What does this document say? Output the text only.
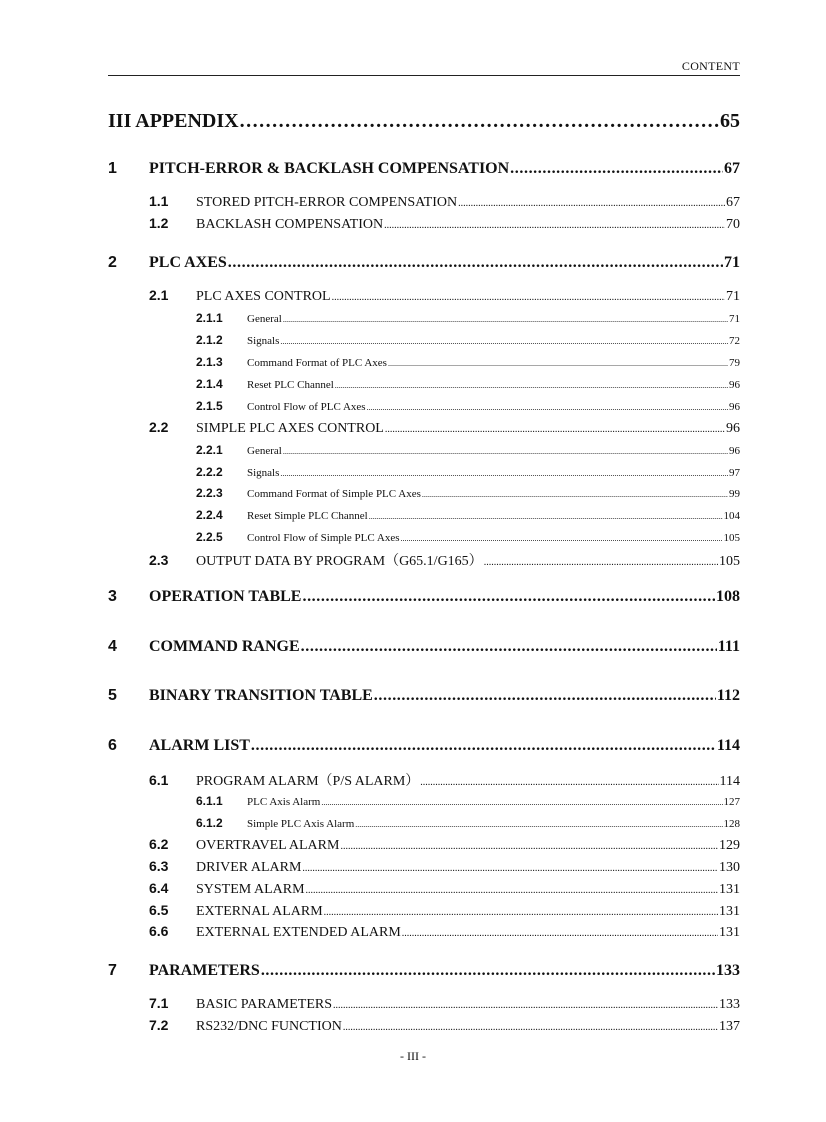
CONTENT
III APPENDIX .....	65
1	PITCH-ERROR & BACKLASH COMPENSATION .....	67
1.1	STORED PITCH-ERROR COMPENSATION .....	67
1.2	BACKLASH COMPENSATION .....	70
2	PLC AXES .....	71
2.1	PLC AXES CONTROL .....	71
2.1.1	General .....	71
2.1.2	Signals .....	72
2.1.3	Command Format of PLC Axes .....	79
2.1.4	Reset PLC Channel .....	96
2.1.5	Control Flow of PLC Axes .....	96
2.2	SIMPLE PLC AXES CONTROL .....	96
2.2.1	General .....	96
2.2.2	Signals .....	97
2.2.3	Command Format of Simple PLC Axes .....	99
2.2.4	Reset Simple PLC Channel .....	104
2.2.5	Control Flow of Simple PLC Axes .....	105
2.3	OUTPUT DATA BY PROGRAM（G65.1/G165） .....	105
3	OPERATION TABLE .....	108
4	COMMAND RANGE .....	111
5	BINARY TRANSITION TABLE .....	112
6	ALARM LIST .....	114
6.1	PROGRAM ALARM（P/S ALARM） .....	114
6.1.1	PLC Axis Alarm .....	127
6.1.2	Simple PLC Axis Alarm .....	128
6.2	OVERTRAVEL ALARM .....	129
6.3	DRIVER ALARM .....	130
6.4	SYSTEM ALARM .....	131
6.5	EXTERNAL ALARM .....	131
6.6	EXTERNAL EXTENDED ALARM .....	131
7	PARAMETERS .....	133
7.1	BASIC PARAMETERS .....	133
7.2	RS232/DNC FUNCTION .....	137
- III -
